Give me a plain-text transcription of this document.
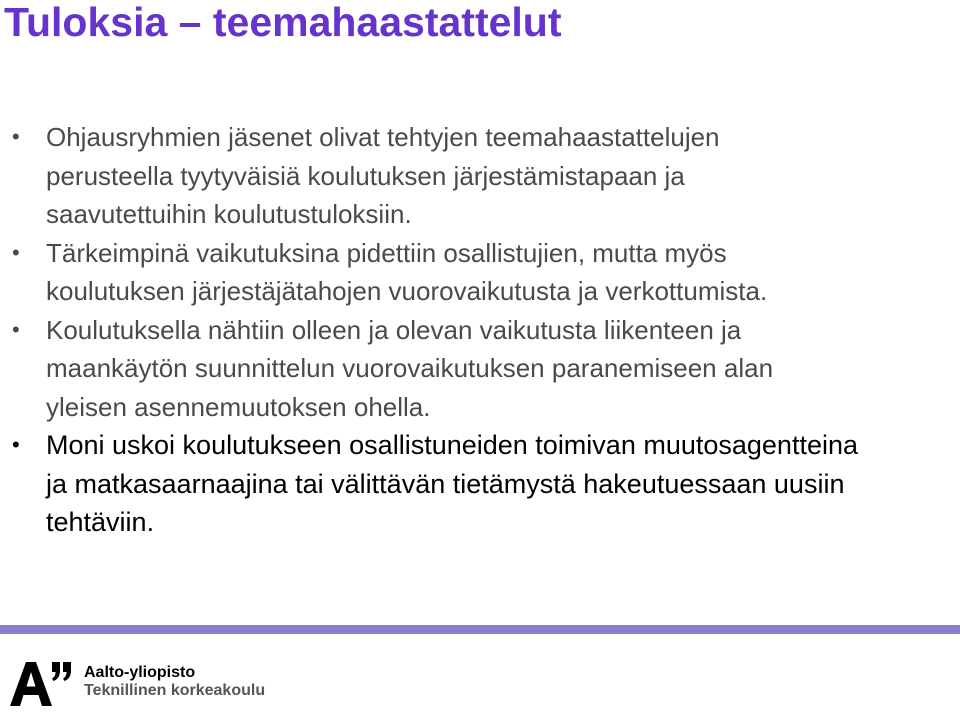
Tuloksia – teemahaastattelut
• Ohjausryhmien jäsenet olivat tehtyjen teemahaastattelujen
perusteella tyytyväisiä koulutuksen järjestämistapaan ja
saavutettuihin koulutustuloksiin.
• Tärkeimpinä vaikutuksina pidettiin osallistujien, mutta myös
koulutuksen järjestäjätahojen vuorovaikutusta ja verkottumista.
• Koulutuksella nähtiin olleen ja olevan vaikutusta liikenteen ja
maankäytön suunnittelun vuorovaikutuksen paranemiseen alan
yleisen asennemuutoksen ohella.
• Moni uskoi koulutukseen osallistuneiden toimivan muutosagentteina
ja matkasaarnaajina tai välittävän tietämystä hakeutuessaan uusiin
tehtäviin.
Aalto-yliopisto
Teknillinen korkeakoulu
